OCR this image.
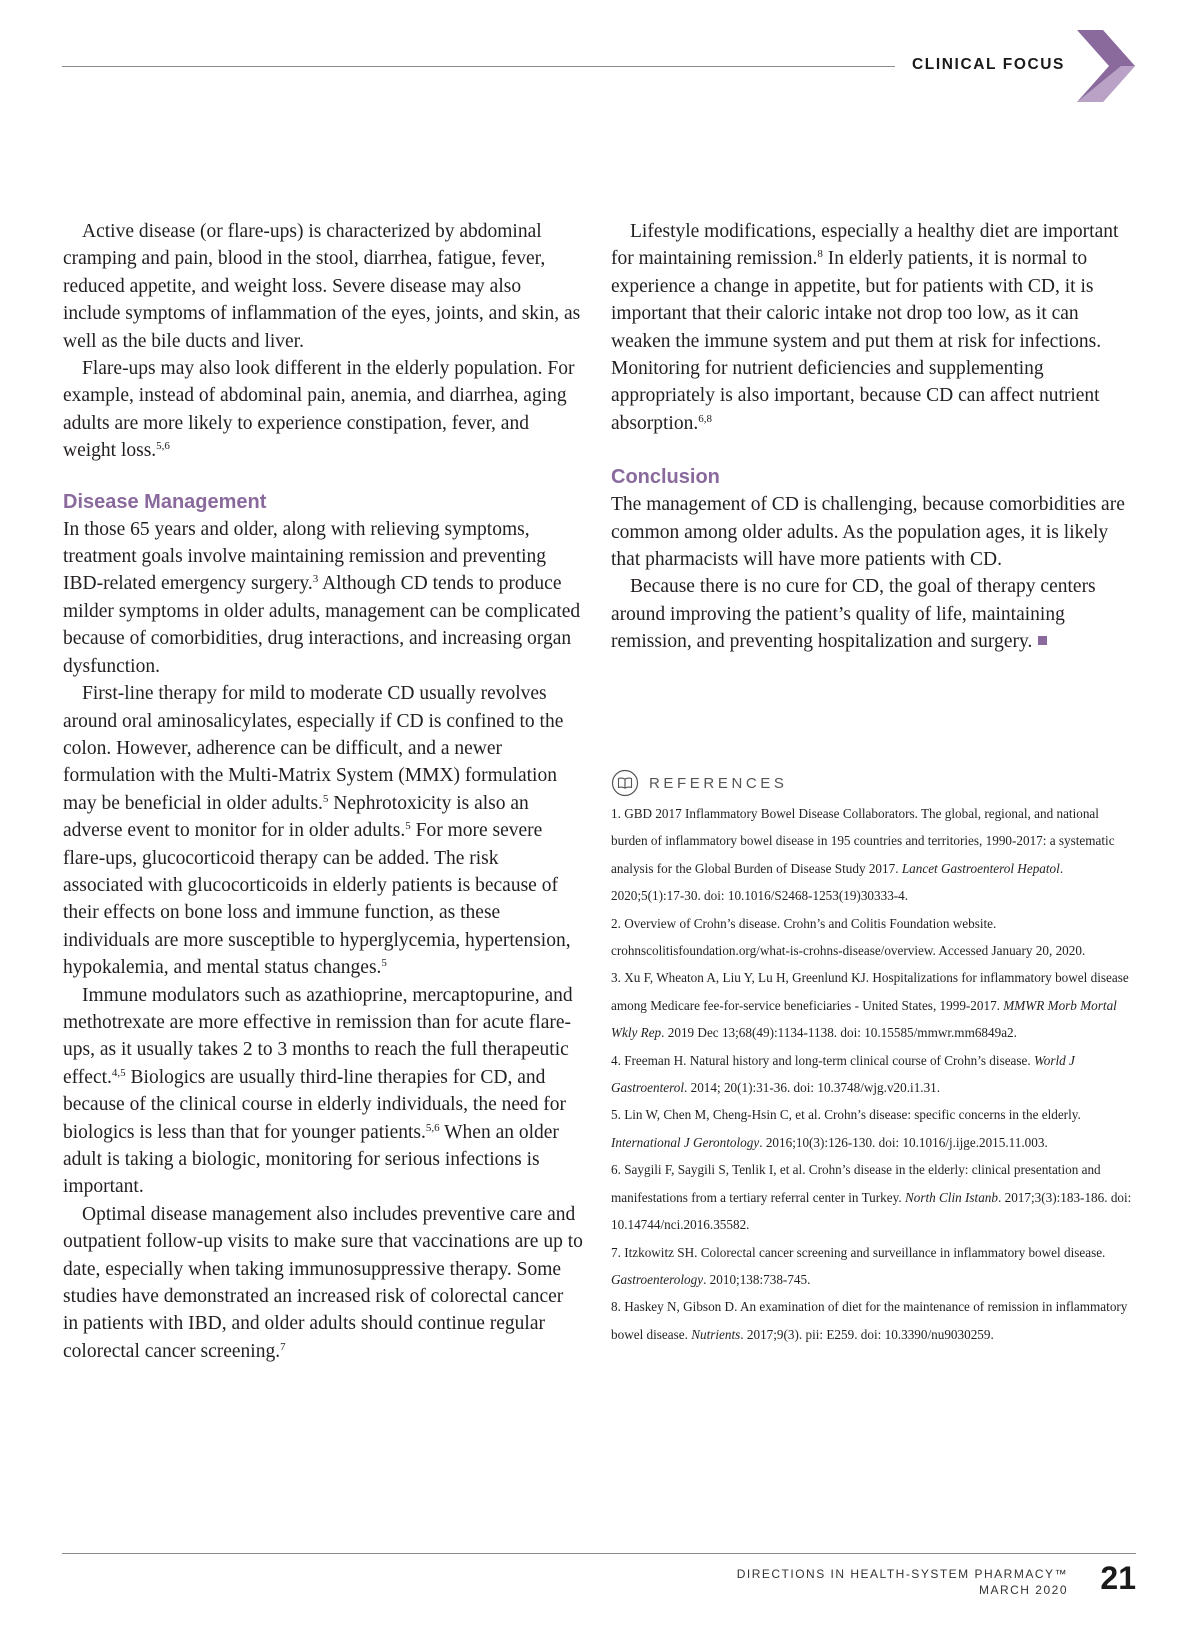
CLINICAL FOCUS

Active disease (or flare-ups) is characterized by abdominal cramping and pain, blood in the stool, diarrhea, fatigue, fever, reduced appetite, and weight loss. Severe disease may also include symptoms of inflammation of the eyes, joints, and skin, as well as the bile ducts and liver.

Flare-ups may also look different in the elderly population. For example, instead of abdominal pain, anemia, and diarrhea, aging adults are more likely to experience constipation, fever, and weight loss.$^{5,6}$

Disease Management

In those 65 years and older, along with relieving symptoms, treatment goals involve maintaining remission and preventing IBD-related emergency surgery.$^3$ Although CD tends to produce milder symptoms in older adults, management can be complicated because of comorbidities, drug interactions, and increasing organ dysfunction.

First-line therapy for mild to moderate CD usually revolves around oral aminosalicylates, especially if CD is confined to the colon. However, adherence can be difficult, and a newer formulation with the Multi-Matrix System (MMX) formulation may be beneficial in older adults.$^5$ Nephrotoxicity is also an adverse event to monitor for in older adults.$^5$ For more severe flare-ups, glucocorticoid therapy can be added. The risk associated with glucocorticoids in elderly patients is because of their effects on bone loss and immune function, as these individuals are more susceptible to hyperglycemia, hypertension, hypokalemia, and mental status changes.$^5$

Immune modulators such as azathioprine, mercaptopurine, and methotrexate are more effective in remission than for acute flare-ups, as it usually takes 2 to 3 months to reach the full therapeutic effect.$^{4,5}$ Biologics are usually third-line therapies for CD, and because of the clinical course in elderly individuals, the need for biologics is less than that for younger patients.$^{5,6}$ When an older adult is taking a biologic, monitoring for serious infections is important.

Optimal disease management also includes preventive care and outpatient follow-up visits to make sure that vaccinations are up to date, especially when taking immunosuppressive therapy. Some studies have demonstrated an increased risk of colorectal cancer in patients with IBD, and older adults should continue regular colorectal cancer screening.$^7$

Lifestyle modifications, especially a healthy diet are important for maintaining remission.$^8$ In elderly patients, it is normal to experience a change in appetite, but for patients with CD, it is important that their caloric intake not drop too low, as it can weaken the immune system and put them at risk for infections. Monitoring for nutrient deficiencies and supplementing appropriately is also important, because CD can affect nutrient absorption.$^{6,8}$

Conclusion

The management of CD is challenging, because comorbidities are common among older adults. As the population ages, it is likely that pharmacists will have more patients with CD.

Because there is no cure for CD, the goal of therapy centers around improving the patient’s quality of life, maintaining remission, and preventing hospitalization and surgery.

REFERENCES

1. GBD 2017 Inflammatory Bowel Disease Collaborators. The global, regional, and national burden of inflammatory bowel disease in 195 countries and territories, 1990-2017: a systematic analysis for the Global Burden of Disease Study 2017. Lancet Gastroenterol Hepatol. 2020;5(1):17-30. doi: 10.1016/S2468-1253(19)30333-4.

2. Overview of Crohn’s disease. Crohn’s and Colitis Foundation website. crohnscolitisfoundation.org/what-is-crohns-disease/overview. Accessed January 20, 2020.

3. Xu F, Wheaton A, Liu Y, Lu H, Greenlund KJ. Hospitalizations for inflammatory bowel disease among Medicare fee-for-service beneficiaries - United States, 1999-2017. MMWR Morb Mortal Wkly Rep. 2019 Dec 13;68(49):1134-1138. doi: 10.15585/mmwr.mm6849a2.

4. Freeman H. Natural history and long-term clinical course of Crohn’s disease. World J Gastroenterol. 2014; 20(1):31-36. doi: 10.3748/wjg.v20.i1.31.

5. Lin W, Chen M, Cheng-Hsin C, et al. Crohn’s disease: specific concerns in the elderly. International J Gerontology. 2016;10(3):126-130. doi: 10.1016/j.ijge.2015.11.003.

6. Saygili F, Saygili S, Tenlik I, et al. Crohn’s disease in the elderly: clinical presentation and manifestations from a tertiary referral center in Turkey. North Clin Istanb. 2017;3(3):183-186. doi: 10.14744/nci.2016.35582.

7. Itzkowitz SH. Colorectal cancer screening and surveillance in inflammatory bowel disease. Gastroenterology. 2010;138:738-745.

8. Haskey N, Gibson D. An examination of diet for the maintenance of remission in inflammatory bowel disease. Nutrients. 2017;9(3). pii: E259. doi: 10.3390/nu9030259.

DIRECTIONS IN HEALTH-SYSTEM PHARMACY™
MARCH 2020 21
